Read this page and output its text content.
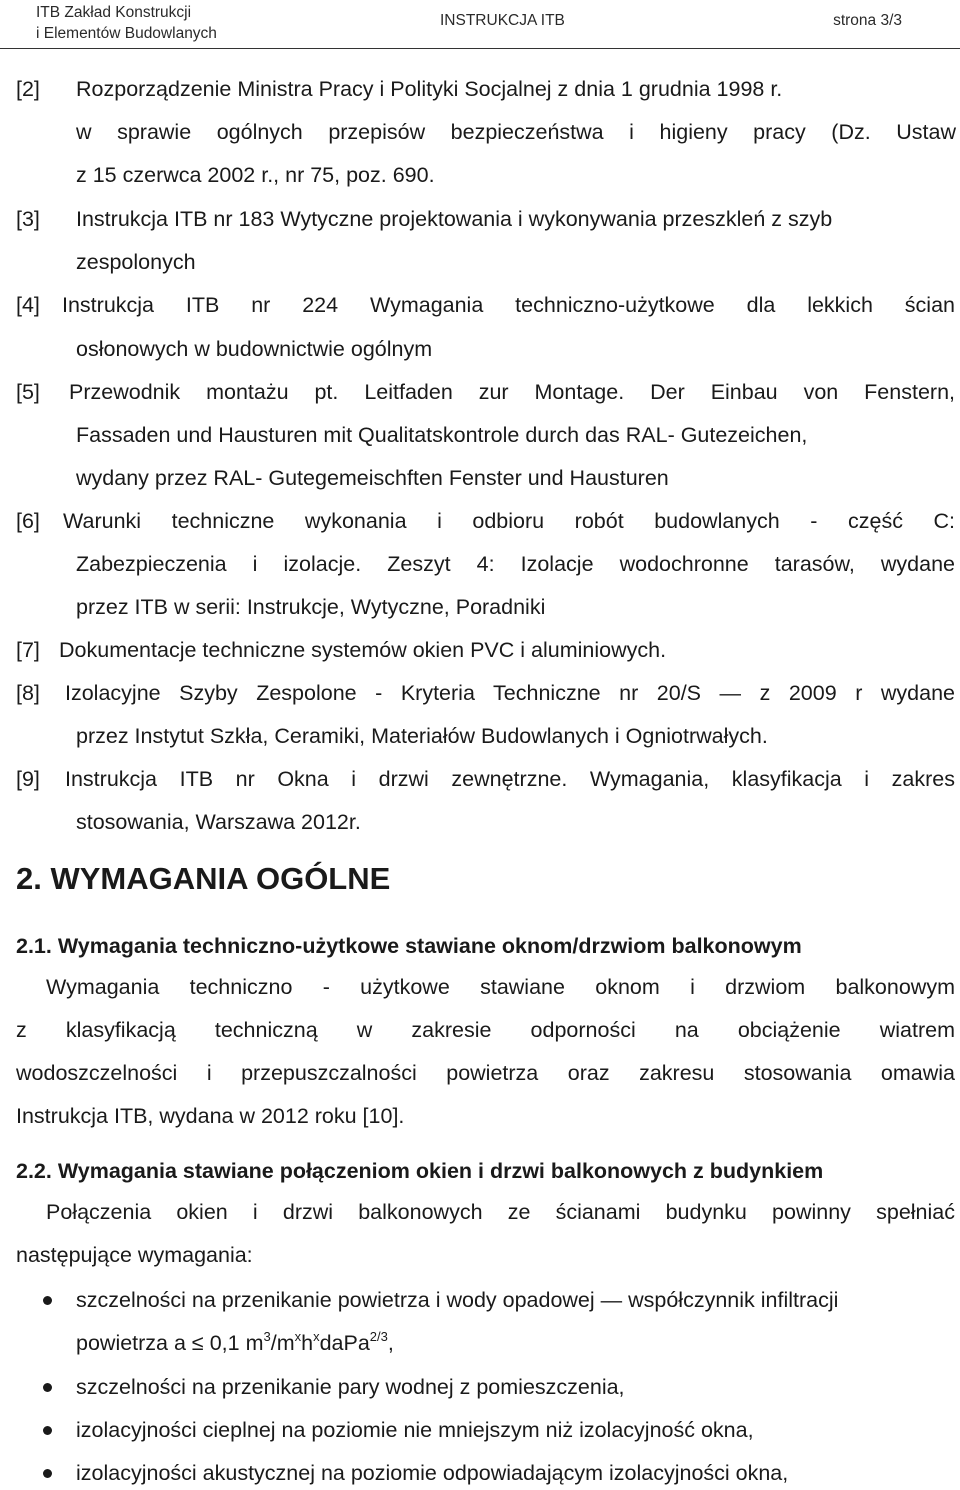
ITB Zakład Konstrukcji
i Elementów Budowlanych
INSTRUKCJA ITB	strona 3/3
[2] Rozporządzenie Ministra Pracy i Polityki Socjalnej z dnia 1 grudnia 1998 r.
w sprawie ogólnych przepisów bezpieczeństwa i higieny pracy (Dz. Ustaw
z 15 czerwca 2002 r., nr 75, poz. 690.
[3] Instrukcja ITB nr 183 Wytyczne projektowania i wykonywania przeszkleń z szyb
zespolonych
[4] Instrukcja ITB nr 224 Wymagania techniczno-użytkowe dla lekkich ścian
osłonowych w budownictwie ogólnym
[5] Przewodnik montażu pt. Leitfaden zur Montage. Der Einbau von Fenstern,
Fassaden und Hausturen mit Qualitatskontrole durch das RAL- Gutezeichen,
wydany przez RAL- Gutegemeischften Fenster und Hausturen
[6] Warunki techniczne wykonania i odbioru robót budowlanych - część C:
Zabezpieczenia i izolacje. Zeszyt 4: Izolacje wodochronne tarasów, wydane
przez ITB w serii: Instrukcje, Wytyczne, Poradniki
[7] Dokumentacje techniczne systemów okien PVC i aluminiowych.
[8] Izolacyjne Szyby Zespolone - Kryteria Techniczne nr 20/S — z 2009 r wydane
przez Instytut Szkła, Ceramiki, Materiałów Budowlanych i Ogniotrwałych.
[9] Instrukcja ITB nr Okna i drzwi zewnętrzne. Wymagania, klasyfikacja i zakres
stosowania, Warszawa 2012r.
2. WYMAGANIA OGÓLNE
2.1. Wymagania techniczno-użytkowe stawiane oknom/drzwiom balkonowym
Wymagania techniczno - użytkowe stawiane oknom i drzwiom balkonowym
z klasyfikacją techniczną w zakresie odporności na obciążenie wiatrem
wodoszczelności i przepuszczalności powietrza oraz zakresu stosowania omawia
Instrukcja ITB, wydana w 2012 roku [10].
2.2. Wymagania stawiane połączeniom okien i drzwi balkonowych z budynkiem
Połączenia okien i drzwi balkonowych ze ścianami budynku powinny spełniać
następujące wymagania:
szczelności na przenikanie powietrza i wody opadowej — współczynnik infiltracji
powietrza a ≤ 0,1 $m^3/m^xh^xdaPa^{2/3}$,
szczelności na przenikanie pary wodnej z pomieszczenia,
izolacyjności cieplnej na poziomie nie mniejszym niż izolacyjność okna,
izolacyjności akustycznej na poziomie odpowiadającym izolacyjności okna,
